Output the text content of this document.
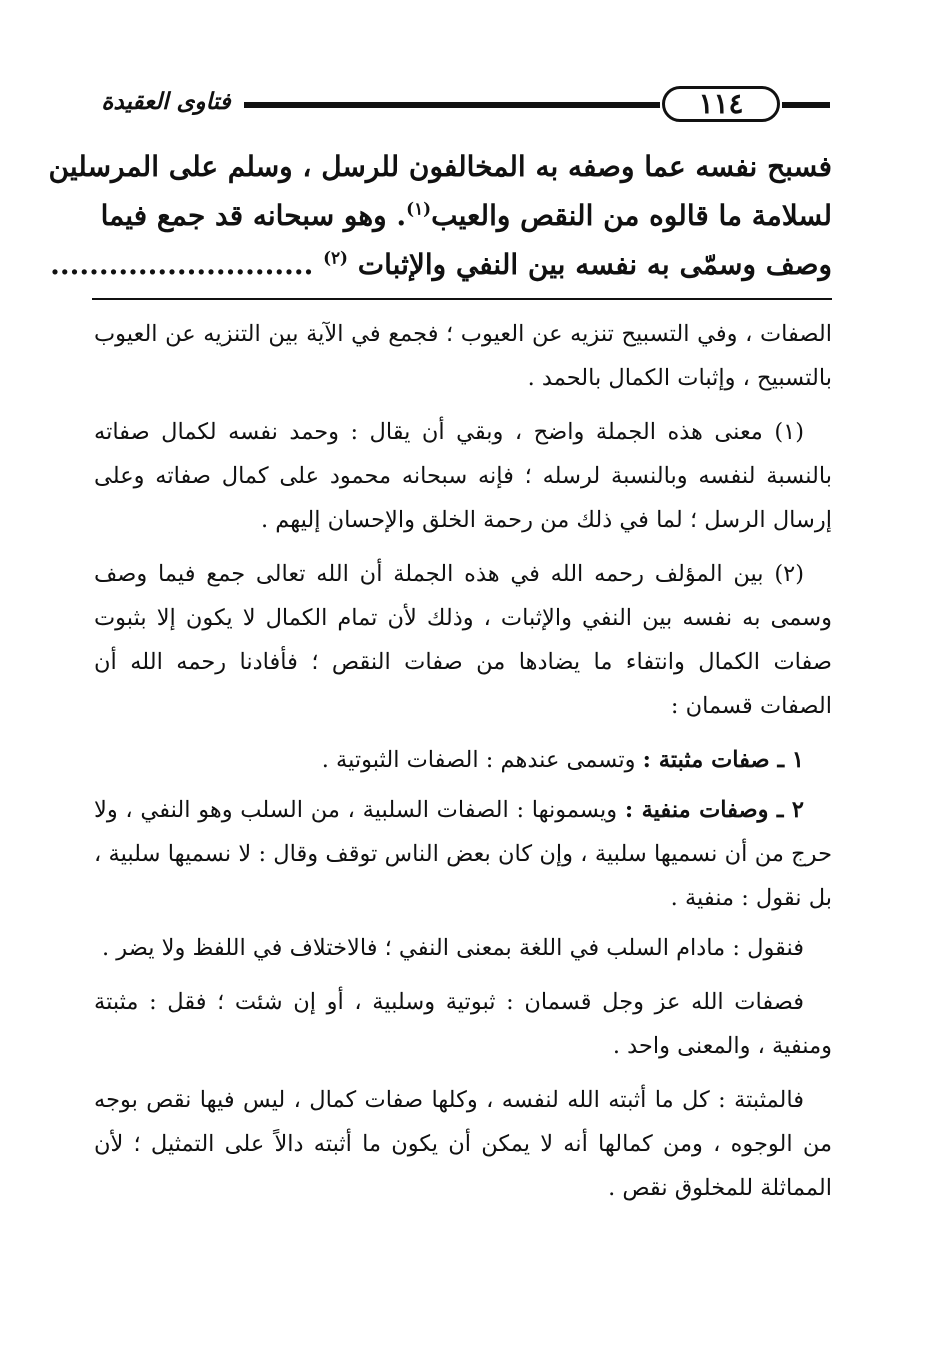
١١٤
فتاوى العقيدة
فسبح نفسه عما وصفه به المخالفون للرسل ، وسلم على المرسلين
لسلامة ما قالوه من النقص والعيب$^{(١)}$. وهو سبحانه قد جمع فيما
وصف وسمّى به نفسه بين النفي والإثبات $^{(٢)}$ ...........................

الصفات ، وفي التسبيح تنزيه عن العيوب ؛ فجمع في الآية بين التنزيه عن العيوب بالتسبيح ، وإثبات الكمال بالحمد .

(١) معنى هذه الجملة واضح ، وبقي أن يقال : وحمد نفسه لكمال صفاته بالنسبة لنفسه وبالنسبة لرسله ؛ فإنه سبحانه محمود على كمال صفاته وعلى إرسال الرسل ؛ لما في ذلك من رحمة الخلق والإحسان إليهم .

(٢) بين المؤلف رحمه الله في هذه الجملة أن الله تعالى جمع فيما وصف وسمى به نفسه بين النفي والإثبات ، وذلك لأن تمام الكمال لا يكون إلا بثبوت صفات الكمال وانتفاء ما يضادها من صفات النقص ؛ فأفادنا رحمه الله أن الصفات قسمان :

١ ـ صفات مثبتة : وتسمى عندهم : الصفات الثبوتية .

٢ ـ وصفات منفية : ويسمونها : الصفات السلبية ، من السلب وهو النفي ، ولا حرج من أن نسميها سلبية ، وإن كان بعض الناس توقف وقال : لا نسميها سلبية ، بل نقول : منفية .

فنقول : مادام السلب في اللغة بمعنى النفي ؛ فالاختلاف في اللفظ ولا يضر .

فصفات الله عز وجل قسمان : ثبوتية وسلبية ، أو إن شئت ؛ فقل : مثبتة ومنفية ، والمعنى واحد .

فالمثبتة : كل ما أثبته الله لنفسه ، وكلها صفات كمال ، ليس فيها نقص بوجه من الوجوه ، ومن كمالها أنه لا يمكن أن يكون ما أثبته دالاً على التمثيل ؛ لأن المماثلة للمخلوق نقص .
